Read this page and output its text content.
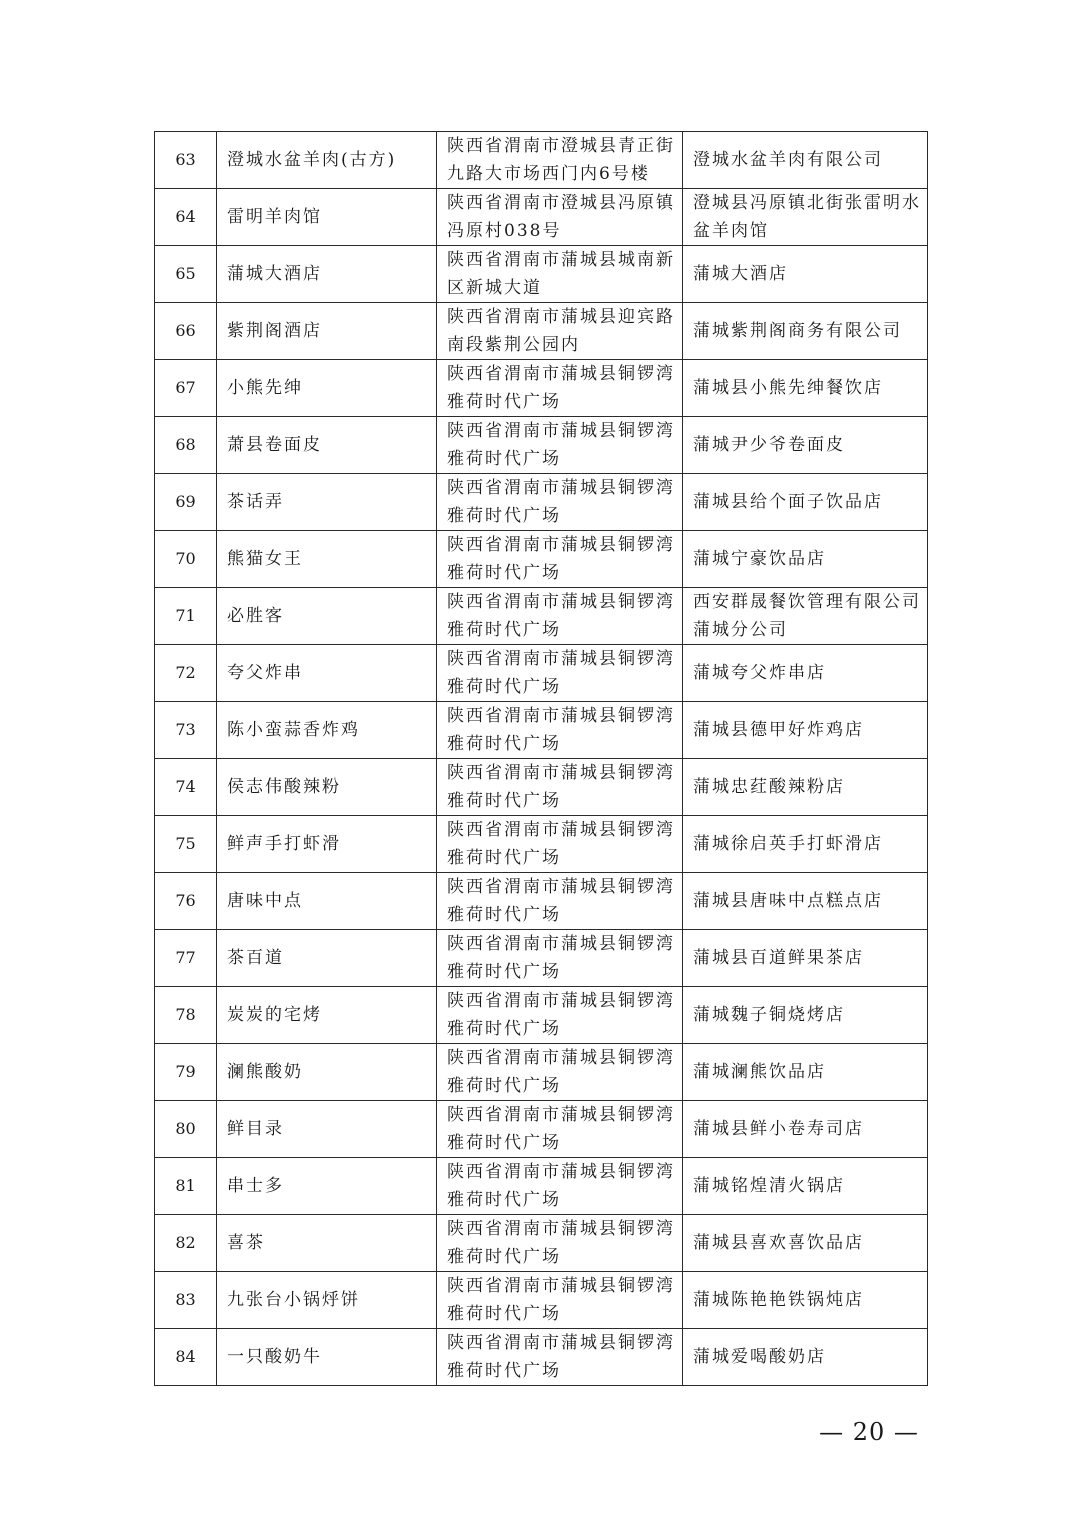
63	澄城水盆羊肉(古方)	陕西省渭南市澄城县青正街九路大市场西门内6号楼	澄城水盆羊肉有限公司
64	雷明羊肉馆	陕西省渭南市澄城县冯原镇冯原村038号	澄城县冯原镇北街张雷明水盆羊肉馆
65	蒲城大酒店	陕西省渭南市蒲城县城南新区新城大道	蒲城大酒店
66	紫荆阁酒店	陕西省渭南市蒲城县迎宾路南段紫荆公园内	蒲城紫荆阁商务有限公司
67	小熊先绅	陕西省渭南市蒲城县铜锣湾雅荷时代广场	蒲城县小熊先绅餐饮店
68	萧县卷面皮	陕西省渭南市蒲城县铜锣湾雅荷时代广场	蒲城尹少爷卷面皮
69	茶话弄	陕西省渭南市蒲城县铜锣湾雅荷时代广场	蒲城县给个面子饮品店
70	熊猫女王	陕西省渭南市蒲城县铜锣湾雅荷时代广场	蒲城宁豪饮品店
71	必胜客	陕西省渭南市蒲城县铜锣湾雅荷时代广场	西安群晟餐饮管理有限公司蒲城分公司
72	夸父炸串	陕西省渭南市蒲城县铜锣湾雅荷时代广场	蒲城夸父炸串店
73	陈小蛮蒜香炸鸡	陕西省渭南市蒲城县铜锣湾雅荷时代广场	蒲城县德甲好炸鸡店
74	侯志伟酸辣粉	陕西省渭南市蒲城县铜锣湾雅荷时代广场	蒲城忠荭酸辣粉店
75	鲜声手打虾滑	陕西省渭南市蒲城县铜锣湾雅荷时代广场	蒲城徐启英手打虾滑店
76	唐味中点	陕西省渭南市蒲城县铜锣湾雅荷时代广场	蒲城县唐味中点糕点店
77	茶百道	陕西省渭南市蒲城县铜锣湾雅荷时代广场	蒲城县百道鲜果茶店
78	炭炭的宅烤	陕西省渭南市蒲城县铜锣湾雅荷时代广场	蒲城魏子铜烧烤店
79	澜熊酸奶	陕西省渭南市蒲城县铜锣湾雅荷时代广场	蒲城澜熊饮品店
80	鲜目录	陕西省渭南市蒲城县铜锣湾雅荷时代广场	蒲城县鲜小卷寿司店
81	串士多	陕西省渭南市蒲城县铜锣湾雅荷时代广场	蒲城铭煌清火锅店
82	喜茶	陕西省渭南市蒲城县铜锣湾雅荷时代广场	蒲城县喜欢喜饮品店
83	九张台小锅烀饼	陕西省渭南市蒲城县铜锣湾雅荷时代广场	蒲城陈艳艳铁锅炖店
84	一只酸奶牛	陕西省渭南市蒲城县铜锣湾雅荷时代广场	蒲城爱喝酸奶店
— 20 —
